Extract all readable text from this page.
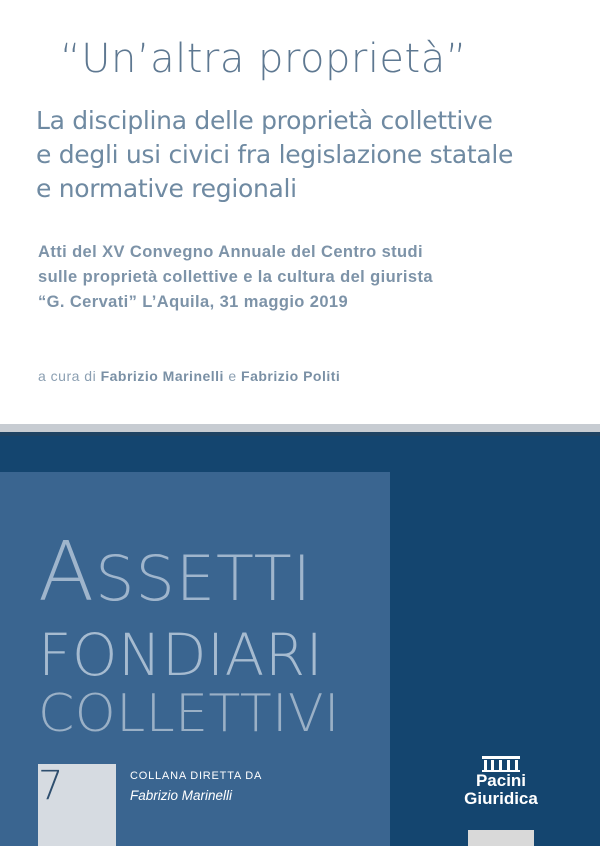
“Un’altra proprietà”
La disciplina delle proprietà collettive
e degli usi civici fra legislazione statale
e normative regionali
Atti del XV Convegno Annuale del Centro studi
sulle proprietà collettive e la cultura del giurista
“G. Cervati” L’Aquila, 31 maggio 2019
a cura di Fabrizio Marinelli e Fabrizio Politi
ASSETTI
FONDIARI
COLLETTIVI
7	COLLANA DIRETTA DA
Fabrizio Marinelli
Pacini
Giuridica
